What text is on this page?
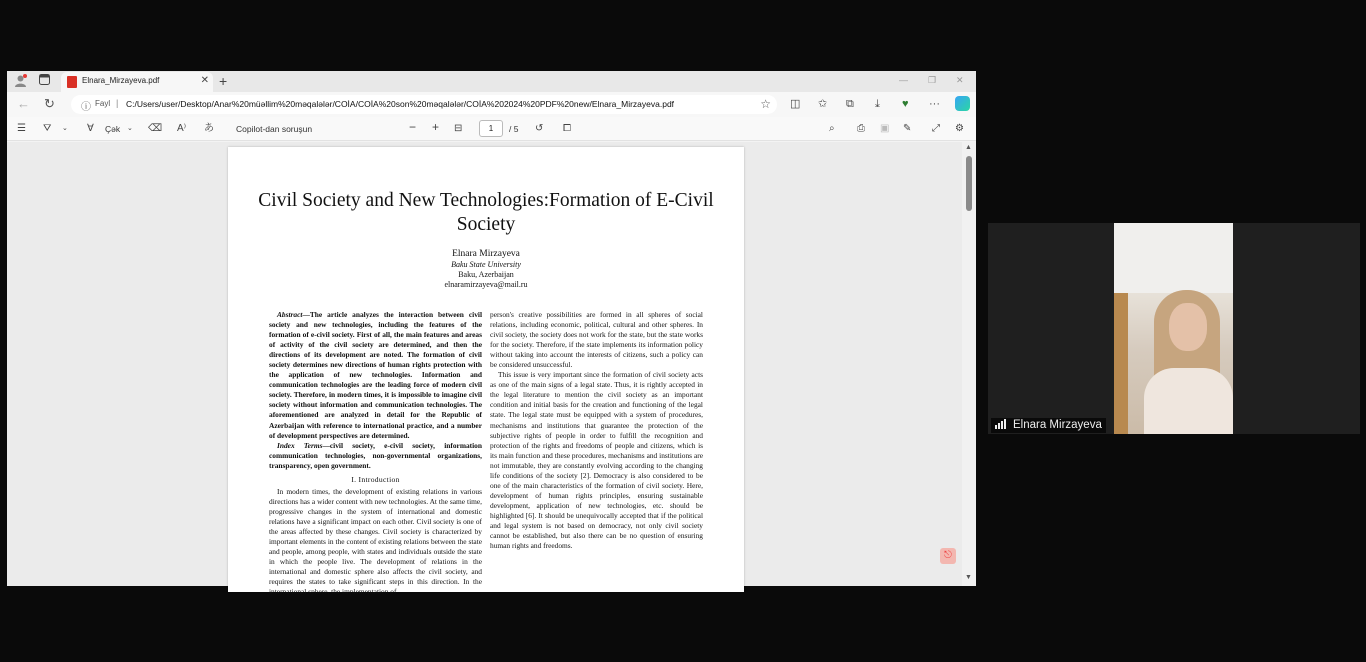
Elnara_Mirzayeva.pdf	✕ +	— ❐ ✕
← ↻	ⓘ Fayl | C:/Users/user/Desktop/Anar%20müəllim%20məqalələr/COİA/COİA%20son%20məqalələr/COİA%202024%20PDF%20new/Elnara_Mirzayeva.pdf	☆ ◫ ✩ ⧉ ⤓ ♥ ···
☰ ⛛ ⌄ ∀ Çək ⌄ ⌫ A⁾ あ	Copilot-dan soruşun	− + ⊟	1	/ 5 ↺ ⧠	⌕ ⎙ ▣ ✎ ⤢ ⚙
Civil Society and New Technologies:Formation of E-Civil Society
Elnara Mirzayeva
Baku State University
Baku, Azerbaijan
elnaramirzayeva@mail.ru

Abstract—The article analyzes the interaction between civil society and new technologies, including the features of the formation of e-civil society. First of all, the main features and areas of activity of the civil society are determined, and then the directions of its development are noted. The formation of civil society determines new directions of human rights protection with the application of new technologies. Information and communication technologies are the leading force of modern civil society. Therefore, in modern times, it is impossible to imagine civil society without information and communication technologies. The aforementioned are analyzed in detail for the Republic of Azerbaijan with reference to international practice, and a number of development perspectives are determined.

Index Terms—civil society, e-civil society, information communication technologies, non-governmental organizations, transparency, open government.

I. Introduction

In modern times, the development of existing relations in various directions has a wider content with new technologies. At the same time, progressive changes in the system of international and domestic relations have a significant impact on each other. Civil society is one of the areas affected by these changes. Civil society is characterized by important elements in the content of existing relations between the state and people, among people, with states and individuals outside the state in which the people live. The development of relations in the international and domestic sphere also affects the civil society, and requires the states to take significant steps in this direction. In the international sphere, the implementation of

person's creative possibilities are formed in all spheres of social relations, including economic, political, cultural and other spheres. In civil society, the society does not work for the state, but the state works for the society. Therefore, if the state implements its information policy without taking into account the interests of citizens, such a policy can be considered unsuccessful.

This issue is very important since the formation of civil society acts as one of the main signs of a legal state. Thus, it is rightly accepted in the legal literature to mention the civil society as an important condition and initial basis for the creation and functioning of the legal state. The legal state must be equipped with a system of procedures, mechanisms and institutions that guarantee the protection of the subjective rights of people in order to fulfill the recognition and protection of the rights and freedoms of people and citizens, which is its main function and these procedures, mechanisms and institutions are not immutable, they are constantly evolving according to the changing life conditions of the society [2]. Democracy is also considered to be one of the main characteristics of the formation of civil society. Here, development of human rights principles, ensuring sustainable development, application of new technologies, etc. should be highlighted [6]. It should be unequivocally accepted that if the political and legal system is not based on democracy, not only civil society cannot be established, but also there can be no question of ensuring human rights and freedoms.

⎋
▲
▼
Elnara Mirzayeva
